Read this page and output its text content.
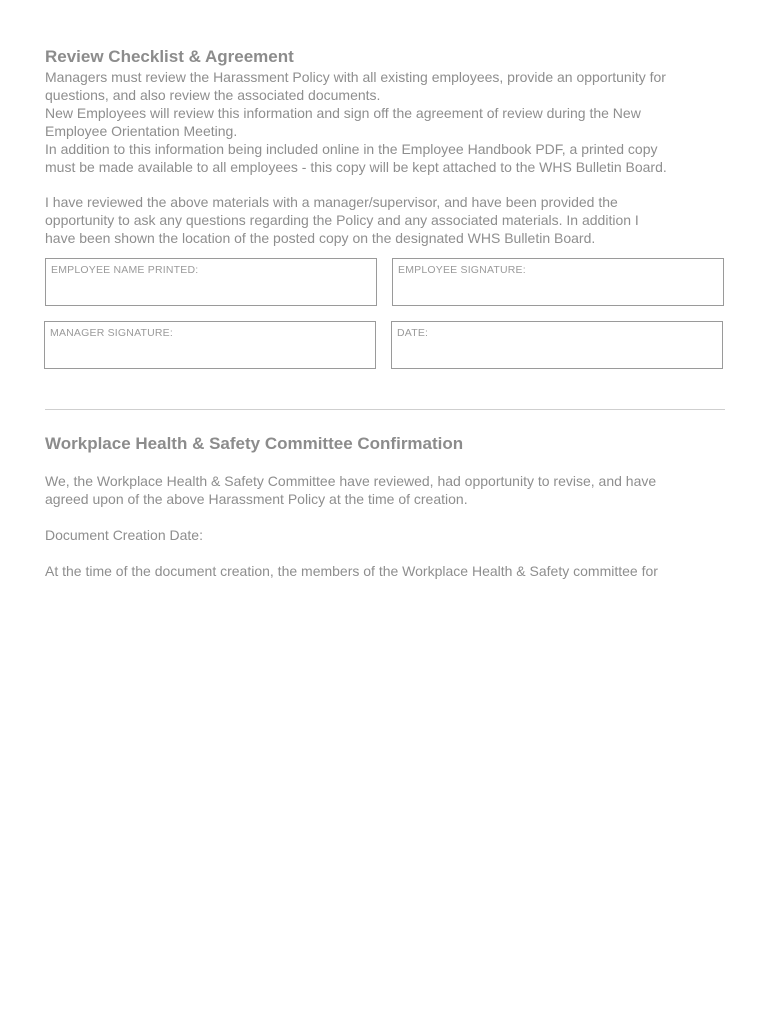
Review Checklist & Agreement
Managers must review the Harassment Policy with all existing employees, provide an opportunity for
questions, and also review the associated documents.
New Employees will review this information and sign off the agreement of review during the New
Employee Orientation Meeting.
In addition to this information being included online in the Employee Handbook PDF, a printed copy
must be made available to all employees - this copy will be kept attached to the WHS Bulletin Board.
I have reviewed the above materials with a manager/supervisor, and have been provided the
opportunity to ask any questions regarding the Policy and any associated materials. In addition I
have been shown the location of the posted copy on the designated WHS Bulletin Board.
EMPLOYEE NAME PRINTED:	EMPLOYEE SIGNATURE:
MANAGER SIGNATURE:	DATE:
Workplace Health & Safety Committee Confirmation
We, the Workplace Health & Safety Committee have reviewed, had opportunity to revise, and have
agreed upon of the above Harassment Policy at the time of creation.
Document Creation Date:
At the time of the document creation, the members of the Workplace Health & Safety committee for
